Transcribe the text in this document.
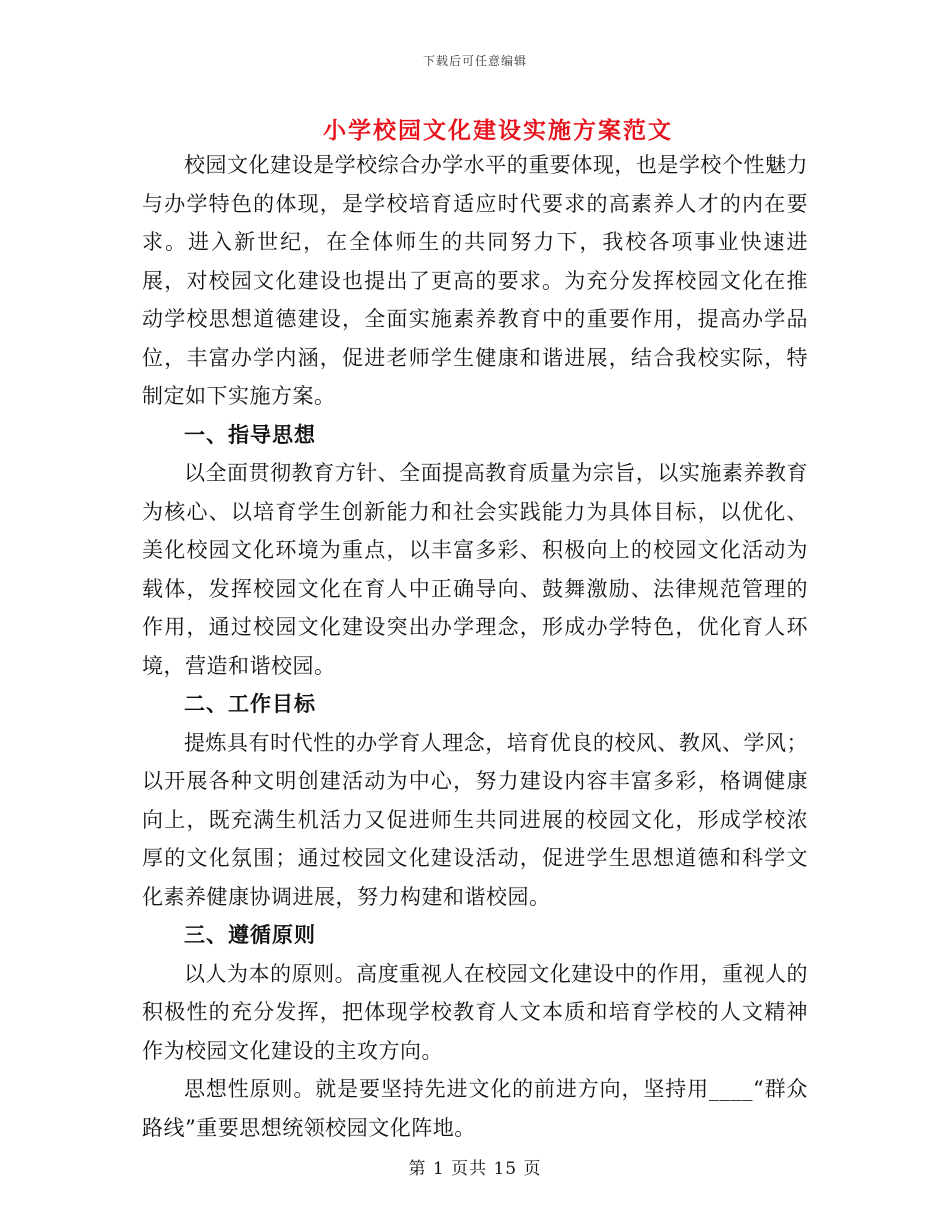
下载后可任意编辑
小学校园文化建设实施方案范文

校园文化建设是学校综合办学水平的重要体现，也是学校个性魅力与办学特色的体现，是学校培育适应时代要求的高素养人才的内在要求。进入新世纪，在全体师生的共同努力下，我校各项事业快速进展，对校园文化建设也提出了更高的要求。为充分发挥校园文化在推动学校思想道德建设，全面实施素养教育中的重要作用，提高办学品位，丰富办学内涵，促进老师学生健康和谐进展，结合我校实际，特制定如下实施方案。

一、指导思想

以全面贯彻教育方针、全面提高教育质量为宗旨，以实施素养教育为核心、以培育学生创新能力和社会实践能力为具体目标，以优化、美化校园文化环境为重点，以丰富多彩、积极向上的校园文化活动为载体，发挥校园文化在育人中正确导向、鼓舞激励、法律规范管理的作用，通过校园文化建设突出办学理念，形成办学特色，优化育人环境，营造和谐校园。

二、工作目标

提炼具有时代性的办学育人理念，培育优良的校风、教风、学风；以开展各种文明创建活动为中心，努力建设内容丰富多彩，格调健康向上，既充满生机活力又促进师生共同进展的校园文化，形成学校浓厚的文化氛围；通过校园文化建设活动，促进学生思想道德和科学文化素养健康协调进展，努力构建和谐校园。

三、遵循原则

以人为本的原则。高度重视人在校园文化建设中的作用，重视人的积极性的充分发挥，把体现学校教育人文本质和培育学校的人文精神作为校园文化建设的主攻方向。

思想性原则。就是要坚持先进文化的前进方向，坚持用____“群众路线”重要思想统领校园文化阵地。

第 1 页共 15 页
